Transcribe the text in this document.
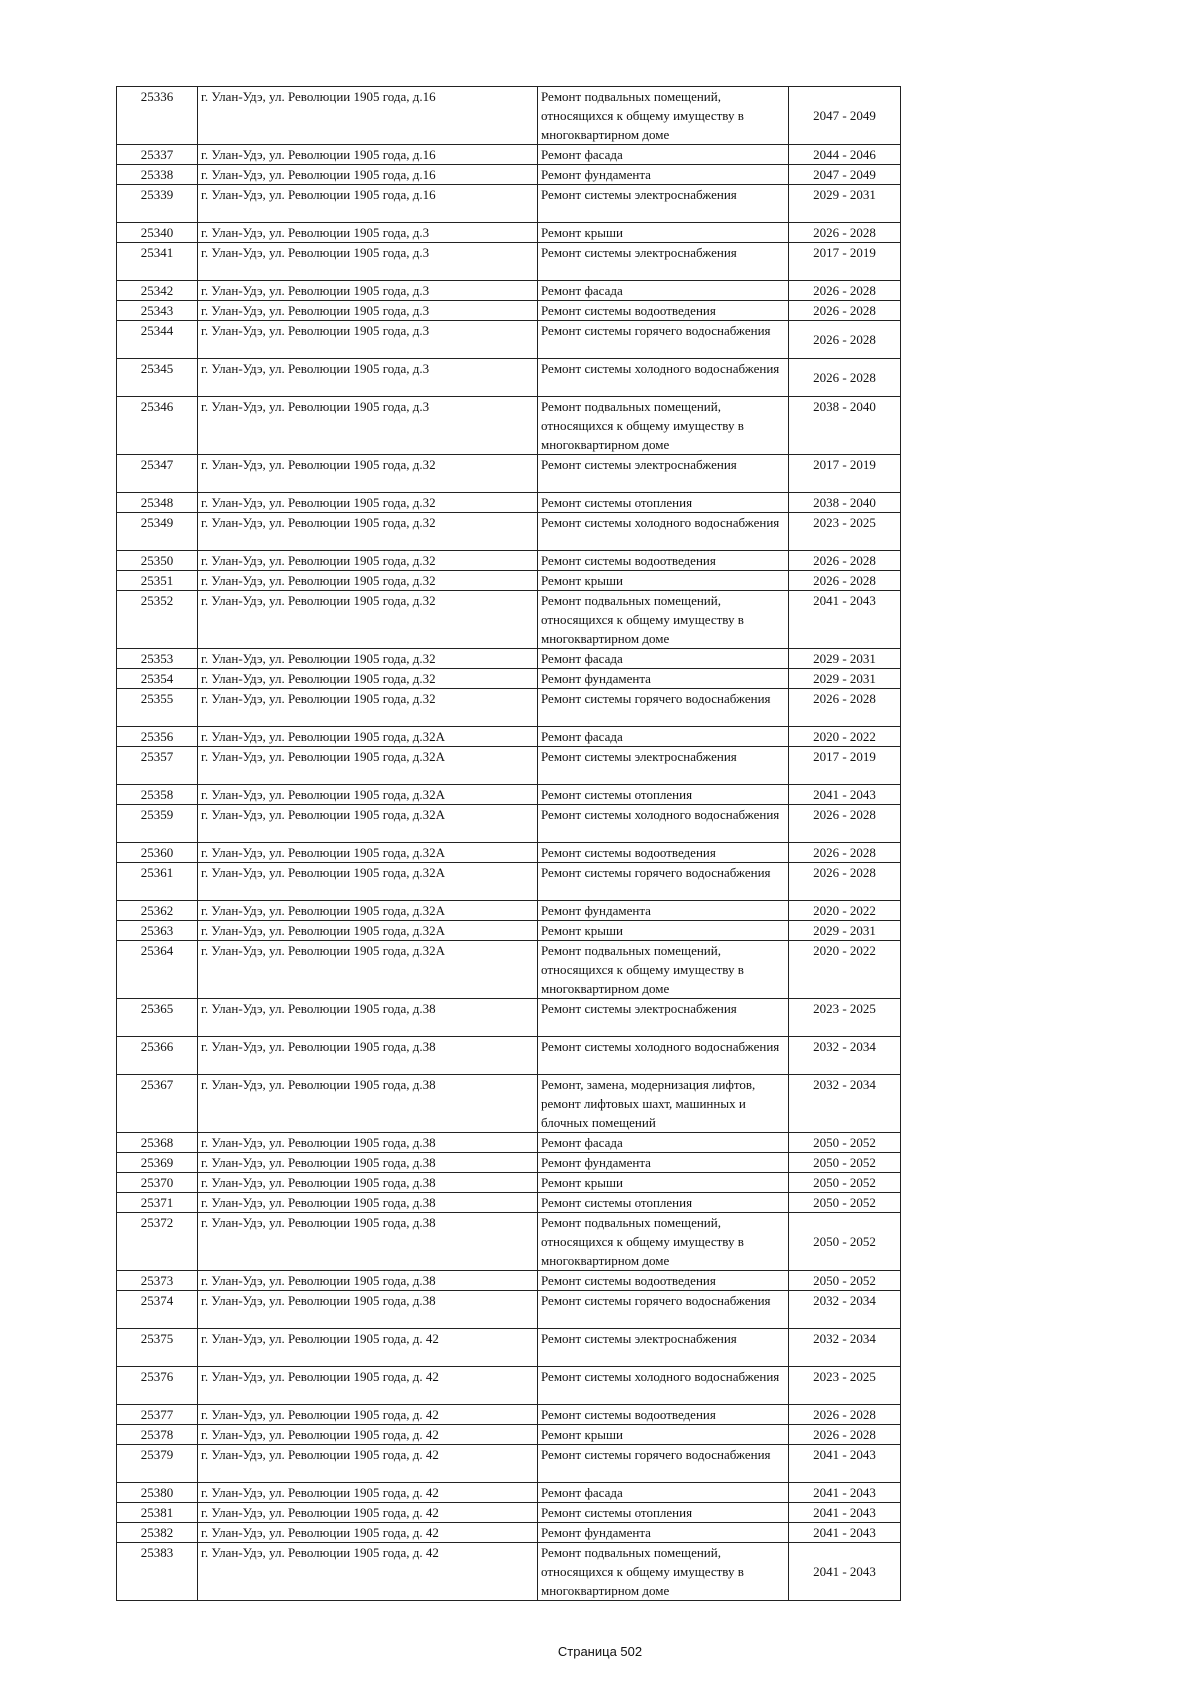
25336	г. Улан-Удэ, ул. Революции 1905 года, д.16	Ремонт подвальных помещений, относящихся к общему имуществу в многоквартирном доме	2047 - 2049
25337	г. Улан-Удэ, ул. Революции 1905 года, д.16	Ремонт фасада	2044 - 2046
25338	г. Улан-Удэ, ул. Революции 1905 года, д.16	Ремонт фундамента	2047 - 2049
25339	г. Улан-Удэ, ул. Революции 1905 года, д.16	Ремонт системы электроснабжения	2029 - 2031
25340	г. Улан-Удэ, ул. Революции 1905 года, д.3	Ремонт крыши	2026 - 2028
25341	г. Улан-Удэ, ул. Революции 1905 года, д.3	Ремонт системы электроснабжения	2017 - 2019
25342	г. Улан-Удэ, ул. Революции 1905 года, д.3	Ремонт фасада	2026 - 2028
25343	г. Улан-Удэ, ул. Революции 1905 года, д.3	Ремонт системы водоотведения	2026 - 2028
25344	г. Улан-Удэ, ул. Революции 1905 года, д.3	Ремонт системы горячего водоснабжения	2026 - 2028
25345	г. Улан-Удэ, ул. Революции 1905 года, д.3	Ремонт системы холодного водоснабжения	2026 - 2028
25346	г. Улан-Удэ, ул. Революции 1905 года, д.3	Ремонт подвальных помещений, относящихся к общему имуществу в многоквартирном доме	2038 - 2040
25347	г. Улан-Удэ, ул. Революции 1905 года, д.32	Ремонт системы электроснабжения	2017 - 2019
25348	г. Улан-Удэ, ул. Революции 1905 года, д.32	Ремонт системы отопления	2038 - 2040
25349	г. Улан-Удэ, ул. Революции 1905 года, д.32	Ремонт системы холодного водоснабжения	2023 - 2025
25350	г. Улан-Удэ, ул. Революции 1905 года, д.32	Ремонт системы водоотведения	2026 - 2028
25351	г. Улан-Удэ, ул. Революции 1905 года, д.32	Ремонт крыши	2026 - 2028
25352	г. Улан-Удэ, ул. Революции 1905 года, д.32	Ремонт подвальных помещений, относящихся к общему имуществу в многоквартирном доме	2041 - 2043
25353	г. Улан-Удэ, ул. Революции 1905 года, д.32	Ремонт фасада	2029 - 2031
25354	г. Улан-Удэ, ул. Революции 1905 года, д.32	Ремонт фундамента	2029 - 2031
25355	г. Улан-Удэ, ул. Революции 1905 года, д.32	Ремонт системы горячего водоснабжения	2026 - 2028
25356	г. Улан-Удэ, ул. Революции 1905 года, д.32А	Ремонт фасада	2020 - 2022
25357	г. Улан-Удэ, ул. Революции 1905 года, д.32А	Ремонт системы электроснабжения	2017 - 2019
25358	г. Улан-Удэ, ул. Революции 1905 года, д.32А	Ремонт системы отопления	2041 - 2043
25359	г. Улан-Удэ, ул. Революции 1905 года, д.32А	Ремонт системы холодного водоснабжения	2026 - 2028
25360	г. Улан-Удэ, ул. Революции 1905 года, д.32А	Ремонт системы водоотведения	2026 - 2028
25361	г. Улан-Удэ, ул. Революции 1905 года, д.32А	Ремонт системы горячего водоснабжения	2026 - 2028
25362	г. Улан-Удэ, ул. Революции 1905 года, д.32А	Ремонт фундамента	2020 - 2022
25363	г. Улан-Удэ, ул. Революции 1905 года, д.32А	Ремонт крыши	2029 - 2031
25364	г. Улан-Удэ, ул. Революции 1905 года, д.32А	Ремонт подвальных помещений, относящихся к общему имуществу в многоквартирном доме	2020 - 2022
25365	г. Улан-Удэ, ул. Революции 1905 года, д.38	Ремонт системы электроснабжения	2023 - 2025
25366	г. Улан-Удэ, ул. Революции 1905 года, д.38	Ремонт системы холодного водоснабжения	2032 - 2034
25367	г. Улан-Удэ, ул. Революции 1905 года, д.38	Ремонт, замена, модернизация лифтов, ремонт лифтовых шахт, машинных и блочных помещений	2032 - 2034
25368	г. Улан-Удэ, ул. Революции 1905 года, д.38	Ремонт фасада	2050 - 2052
25369	г. Улан-Удэ, ул. Революции 1905 года, д.38	Ремонт фундамента	2050 - 2052
25370	г. Улан-Удэ, ул. Революции 1905 года, д.38	Ремонт крыши	2050 - 2052
25371	г. Улан-Удэ, ул. Революции 1905 года, д.38	Ремонт системы отопления	2050 - 2052
25372	г. Улан-Удэ, ул. Революции 1905 года, д.38	Ремонт подвальных помещений, относящихся к общему имуществу в многоквартирном доме	2050 - 2052
25373	г. Улан-Удэ, ул. Революции 1905 года, д.38	Ремонт системы водоотведения	2050 - 2052
25374	г. Улан-Удэ, ул. Революции 1905 года, д.38	Ремонт системы горячего водоснабжения	2032 - 2034
25375	г. Улан-Удэ, ул. Революции 1905 года, д. 42	Ремонт системы электроснабжения	2032 - 2034
25376	г. Улан-Удэ, ул. Революции 1905 года, д. 42	Ремонт системы холодного водоснабжения	2023 - 2025
25377	г. Улан-Удэ, ул. Революции 1905 года, д. 42	Ремонт системы водоотведения	2026 - 2028
25378	г. Улан-Удэ, ул. Революции 1905 года, д. 42	Ремонт крыши	2026 - 2028
25379	г. Улан-Удэ, ул. Революции 1905 года, д. 42	Ремонт системы горячего водоснабжения	2041 - 2043
25380	г. Улан-Удэ, ул. Революции 1905 года, д. 42	Ремонт фасада	2041 - 2043
25381	г. Улан-Удэ, ул. Революции 1905 года, д. 42	Ремонт системы отопления	2041 - 2043
25382	г. Улан-Удэ, ул. Революции 1905 года, д. 42	Ремонт фундамента	2041 - 2043
25383	г. Улан-Удэ, ул. Революции 1905 года, д. 42	Ремонт подвальных помещений, относящихся к общему имуществу в многоквартирном доме	2041 - 2043
Страница 502
